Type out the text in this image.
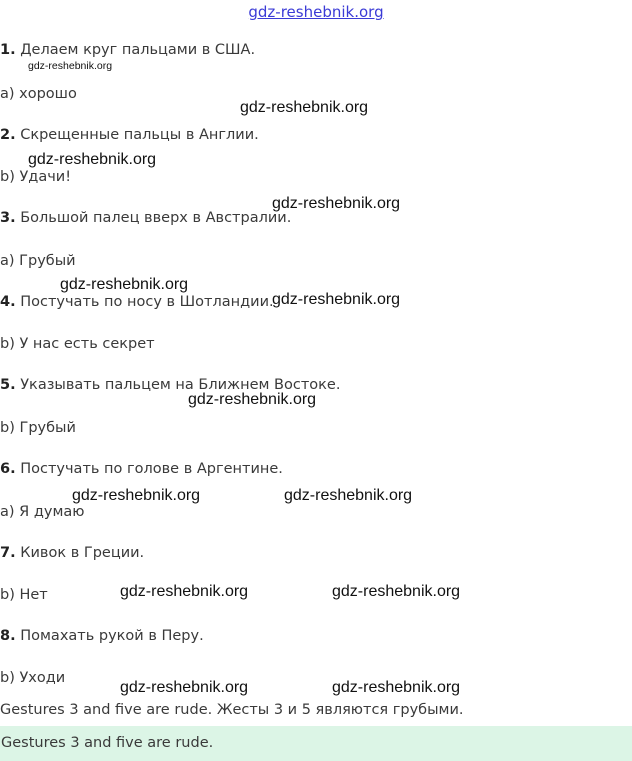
gdz-reshebnik.org
1. Делаем круг пальцами в США.
a) хорошо
2. Скрещенные пальцы в Англии.
b) Удачи!
3. Большой палец вверх в Австралии.
a) Грубый
4. Постучать по носу в Шотландии.
b) У нас есть секрет
5. Указывать пальцем на Ближнем Востоке.
b) Грубый
6. Постучать по голове в Аргентине.
a) Я думаю
7. Кивок в Греции.
b) Нет
8. Помахать рукой в Перу.
b) Уходи
Gestures 3 and five are rude. Жесты 3 и 5 являются грубыми.
Gestures 3 and five are rude.
gdz-reshebnik.org
gdz-reshebnik.org
gdz-reshebnik.org
gdz-reshebnik.org
gdz-reshebnik.org
gdz-reshebnik.org
gdz-reshebnik.org
gdz-reshebnik.org	gdz-reshebnik.org
gdz-reshebnik.org	gdz-reshebnik.org
gdz-reshebnik.org	gdz-reshebnik.org
